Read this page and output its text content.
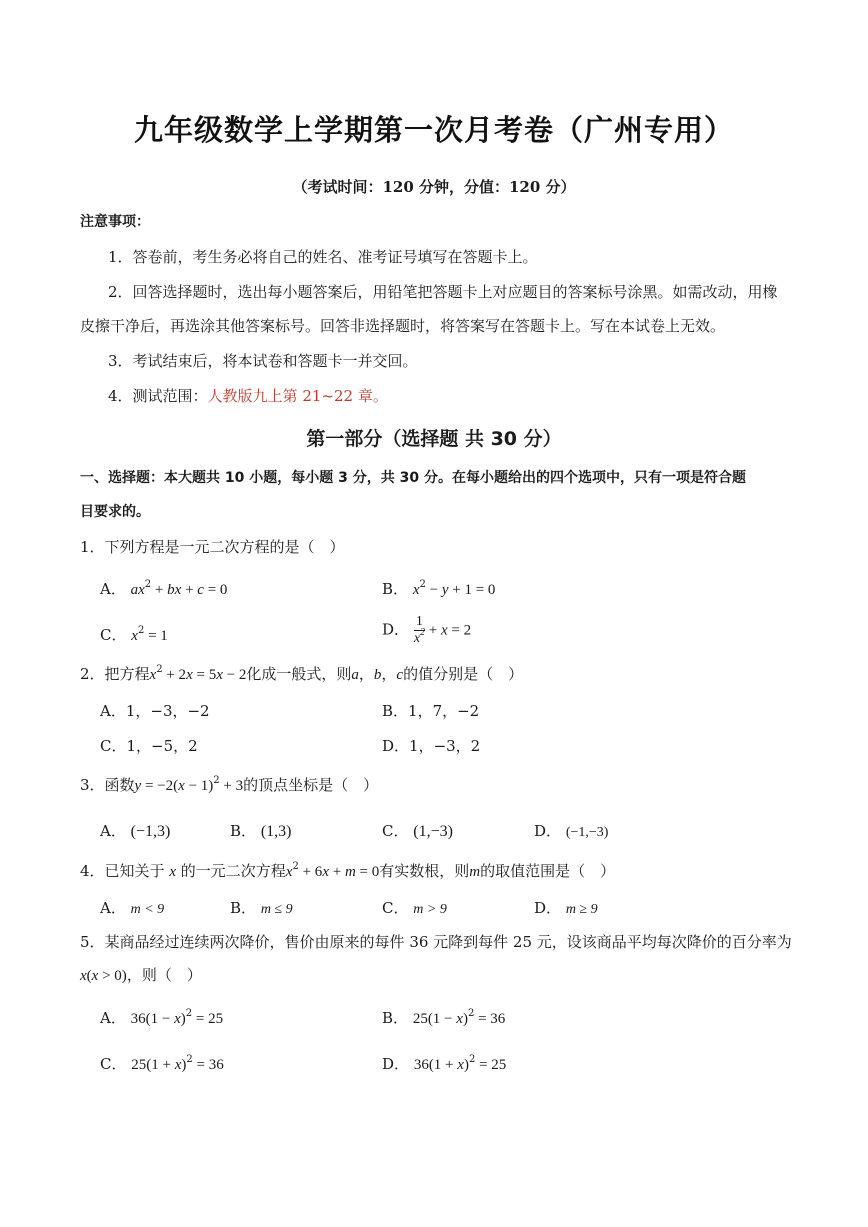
九年级数学上学期第一次月考卷（广州专用）
（考试时间：120 分钟，分值：120 分）
注意事项：
1．答卷前，考生务必将自己的姓名、准考证号填写在答题卡上。
2．回答选择题时，选出每小题答案后，用铅笔把答题卡上对应题目的答案标号涂黑。如需改动，用橡
皮擦干净后，再选涂其他答案标号。回答非选择题时，将答案写在答题卡上。写在本试卷上无效。
3．考试结束后，将本试卷和答题卡一并交回。
4．测试范围：人教版九上第 21~22 章。
第一部分（选择题 共 30 分）
一、选择题：本大题共 10 小题，每小题 3 分，共 30 分。在每小题给出的四个选项中，只有一项是符合题
目要求的。
1．下列方程是一元二次方程的是（　）
A． $ax^2$ + bx + c = 0	B． $x^2 - y + 1 = 0$
C． $x^2 = 1$	D． $\frac{1}{x^2} + x = 2$
2．把方程$x^2 + 2x = 5x - 2$化成一般式，则a，b，c的值分别是（　）
A．1，−3，−2	B．1，7，−2
C．1，−5，2	D．1，−3，2
3．函数$y = -2(x - 1)^2 + 3$的顶点坐标是（　）
A． (−1,3)	B． (1,3)	C． (1,−3)	D． (−1,−3)
4．已知关于 x 的一元二次方程$x^2 + 6x + m = 0$有实数根，则m的取值范围是（　）
A． m < 9	B． m ≤ 9	C． m > 9	D． m ≥ 9
5．某商品经过连续两次降价，售价由原来的每件 36 元降到每件 25 元，设该商品平均每次降价的百分率为
x(x > 0)，则（　）
A． $36(1 - x)^2 = 25$	B． $25(1 - x)^2 = 36$
C． $25(1 + x)^2 = 36$	D． $36(1 + x)^2 = 25$
